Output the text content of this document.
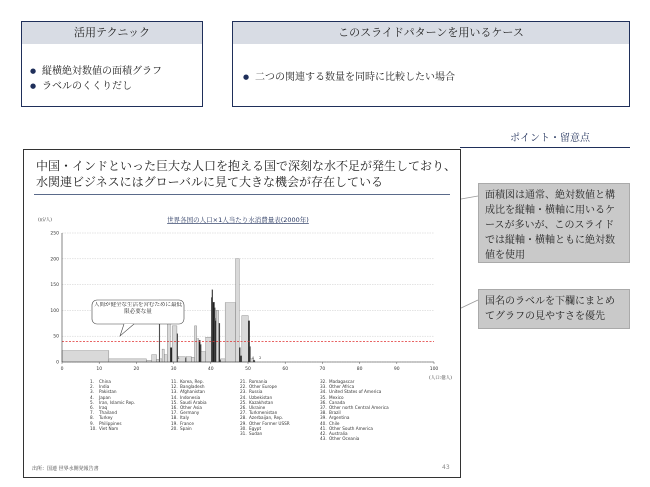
活用テクニック
● 縦横絶対数値の面積グラフ
● ラベルのくくりだし
このスライドパターンを用いるケース
● 二つの関連する数量を同時に比較したい場合
ポイント・留意点
面積図は通常、絶対数値と構成比を縦軸・横軸に用いるケースが多いが、このスライドでは縦軸・横軸ともに絶対数値を使用
国名のラベルを下欄にまとめてグラフの見やすさを優先
中国・インドといった巨大な人口を抱える国で深刻な水不足が発生しており、水関連ビジネスにはグローバルに見て大きな機会が存在している
世界各国の人口×1人当たり水消費量表(2000年)
(㎥/人)
(人口:億人)
0
50
100
150
200
250
0	10	20	30	40	50	60	70	80	90	100
1	4 2
人間が健全な生活を営むために最低限必要な量
1. China
2. India
3. Pakistan
4. Japan
5. Iran, Islamic Rep.
6. Iraq
7. Thailand
8. Turkey
9. Philippines
10. Viet Nam
11. Korea, Rep.
12. Bangladesh
13. Afghanistan
14. Indonesia
15. Saudi Arabia
16. Other Asia
17. Germany
18. Italy
19. France
20. Spain
21. Romania
22. Other Europe
23. Russia
24. Uzbekistan
25. Kazakhstan
26. Ukraine
27. Turkmenistan
28. Azerbaijan, Rep.
29. Other Former USSR
30. Egypt
31. Sudan
32. Madagascar
33. Other Africa
34. United States of America
35. Mexico
36. Canada
37. Other north Central America
38. Brazil
39. Argentina
40. Chile
41. Other South America
42. Australia
43. Other Oceania
出所：国連 世界水開発報告書	43
